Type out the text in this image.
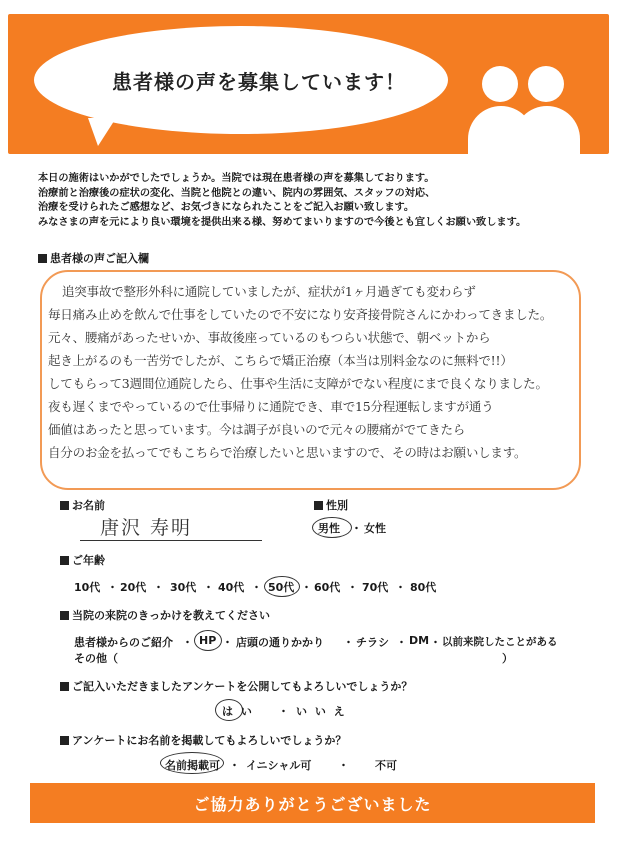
患者様の声を募集しています！
本日の施術はいかがでしたでしょうか。当院では現在患者様の声を募集しております。
治療前と治療後の症状の変化、当院と他院との違い、院内の雰囲気、スタッフの対応、
治療を受けられたご感想など、お気づきになられたことをご記入お願い致します。
みなさまの声を元により良い環境を提供出来る様、努めてまいりますので今後とも宜しくお願い致します。
患者様の声ご記入欄
追突事故で整形外科に通院していましたが、症状が1ヶ月過ぎても変わらず
毎日痛み止めを飲んで仕事をしていたので不安になり安斉接骨院さんにかわってきました。
元々、腰痛があったせいか、事故後座っているのもつらい状態で、朝ベットから
起き上がるのも一苦労でしたが、こちらで矯正治療（本当は別料金なのに無料で!!）
してもらって3週間位通院したら、仕事や生活に支障がでない程度にまで良くなりました。
夜も遅くまでやっているので仕事帰りに通院でき、車で15分程運転しますが通う
価値はあったと思っています。今は調子が良いので元々の腰痛がでてきたら
自分のお金を払ってでもこちらで治療したいと思いますので、その時はお願いします。
お名前
唐沢 寿明
性別
男性 ・ 女性
ご年齢
10代 ・ 20代 ・ 30代 ・ 40代 ・ 50代 ・ 60代 ・ 70代 ・ 80代
当院の来院のきっかけを教えてください
患者様からのご紹介 ・ HP ・ 店頭の通りかかり ・ チラシ ・ DM ・ 以前来院したことがある
その他（	）
ご記入いただきましたアンケートを公開してもよろしいでしょうか？
は い ・ い い え
アンケートにお名前を掲載してもよろしいでしょうか？
名前掲載可 ・ イニシャル可 ・ 不可
ご協力ありがとうございました
